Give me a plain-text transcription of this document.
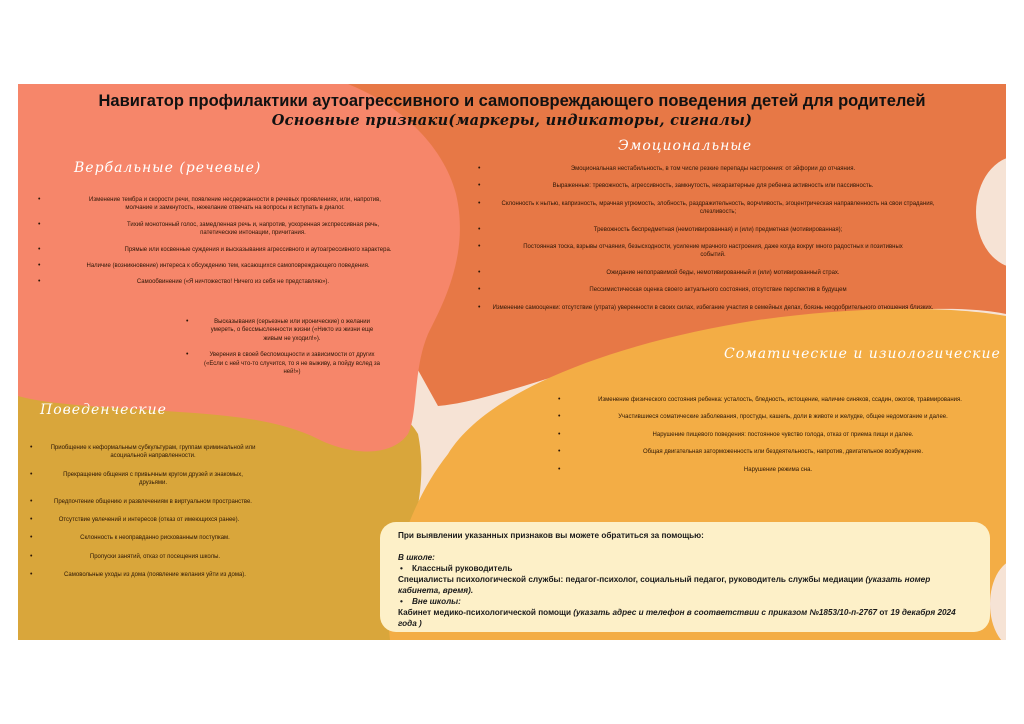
Навигатор профилактики аутоагрессивного и самоповреждающего поведения детей для родителей
Основные признаки(маркеры, индикаторы, сигналы)
Вербальные (речевые)
• Изменение тембра и скорости речи, появление несдержанности в речевых проявлениях, или, напротив, молчание и замкнутость, нежелание отвечать на вопросы и вступать в диалог.
• Тихий монотонный голос, замедленная речь и, напротив, ускоренная экспрессивная речь, патетические интонации, причитания.
• Прямые или косвенные суждения и высказывания агрессивного и аутоагрессивного характера.
• Наличие (возникновение) интереса к обсуждению тем, касающихся самоповреждающего поведения.
• Самообвинение («Я ничтожество! Ничего из себя не представляю»).
• Высказывания (серьезные или иронические) о желании умереть, о бессмысленности жизни («Никто из жизни еще живым не уходил!»).
• Уверения в своей беспомощности и зависимости от других («Если с ней что-то случится, то я не выживу, а пойду вслед за ней!»)
Эмоциональные
• Эмоциональная нестабильность, в том числе резкие перепады настроения: от эйфории до отчаяния.
• Выраженные: тревожность, агрессивность, замкнутость, нехарактерные для ребенка активность или пассивность.
• Склонность к нытью, капризность, мрачная угрюмость, злобность, раздражительность, ворчливость, эгоцентрическая направленность на свои страдания, слезливость;
• Тревожность беспредметная (немотивированная) и (или) предметная (мотивированная);
• Постоянная тоска, взрывы отчаяния, безысходности, усиление мрачного настроения, даже когда вокруг много радостных и позитивных событий.
• Ожидание непоправимой беды, немотивированный и (или) мотивированный страх.
• Пессимистическая оценка своего актуального состояния, отсутствие перспектив в будущем
• Изменение самооценки: отсутствие (утрата) уверенности в своих силах, избегание участия в семейных делах, боязнь неодобрительного отношения близких.
Соматические и изиологические
• Изменение физического состояния ребенка: усталость, бледность, истощение, наличие синяков, ссадин, ожогов, травмирования.
• Участившиеся соматические заболевания, простуды, кашель, доли в животе и желудке, общее недомогание и далее.
• Нарушение пищевого поведения: постоянное чувство голода, отказ от приема пищи и далее.
• Общая двигательная заторможенность или бездеятельность, напротив, двигательное возбуждение.
• Нарушение режима сна.
Поведенческие
• Приобщение к неформальным субкультурам, группам криминальной или асоциальной направленности.
• Прекращение общения с привычным кругом друзей и знакомых, друзьями.
• Предпочтение общению и развлечениям в виртуальном пространстве.
• Отсутствие увлечений и интересов (отказ от имеющихся ранее).
• Склонность к неоправданно рискованным поступкам.
• Пропуски занятий, отказ от посещения школы.
• Самовольные уходы из дома (появление желания уйти из дома).

При выявлении указанных признаков вы можете обратиться за помощью:

В школе:

•    Классный руководитель

Специалисты психологической службы: педагог-психолог, социальный педагог, руководитель службы медиации (указать номер кабинета, время).

•    Вне школы:

Кабинет медико-психологической помощи (указать адрес и телефон в соответствии с приказом №1853/10-п-2767 от 19 декабря 2024 года )
